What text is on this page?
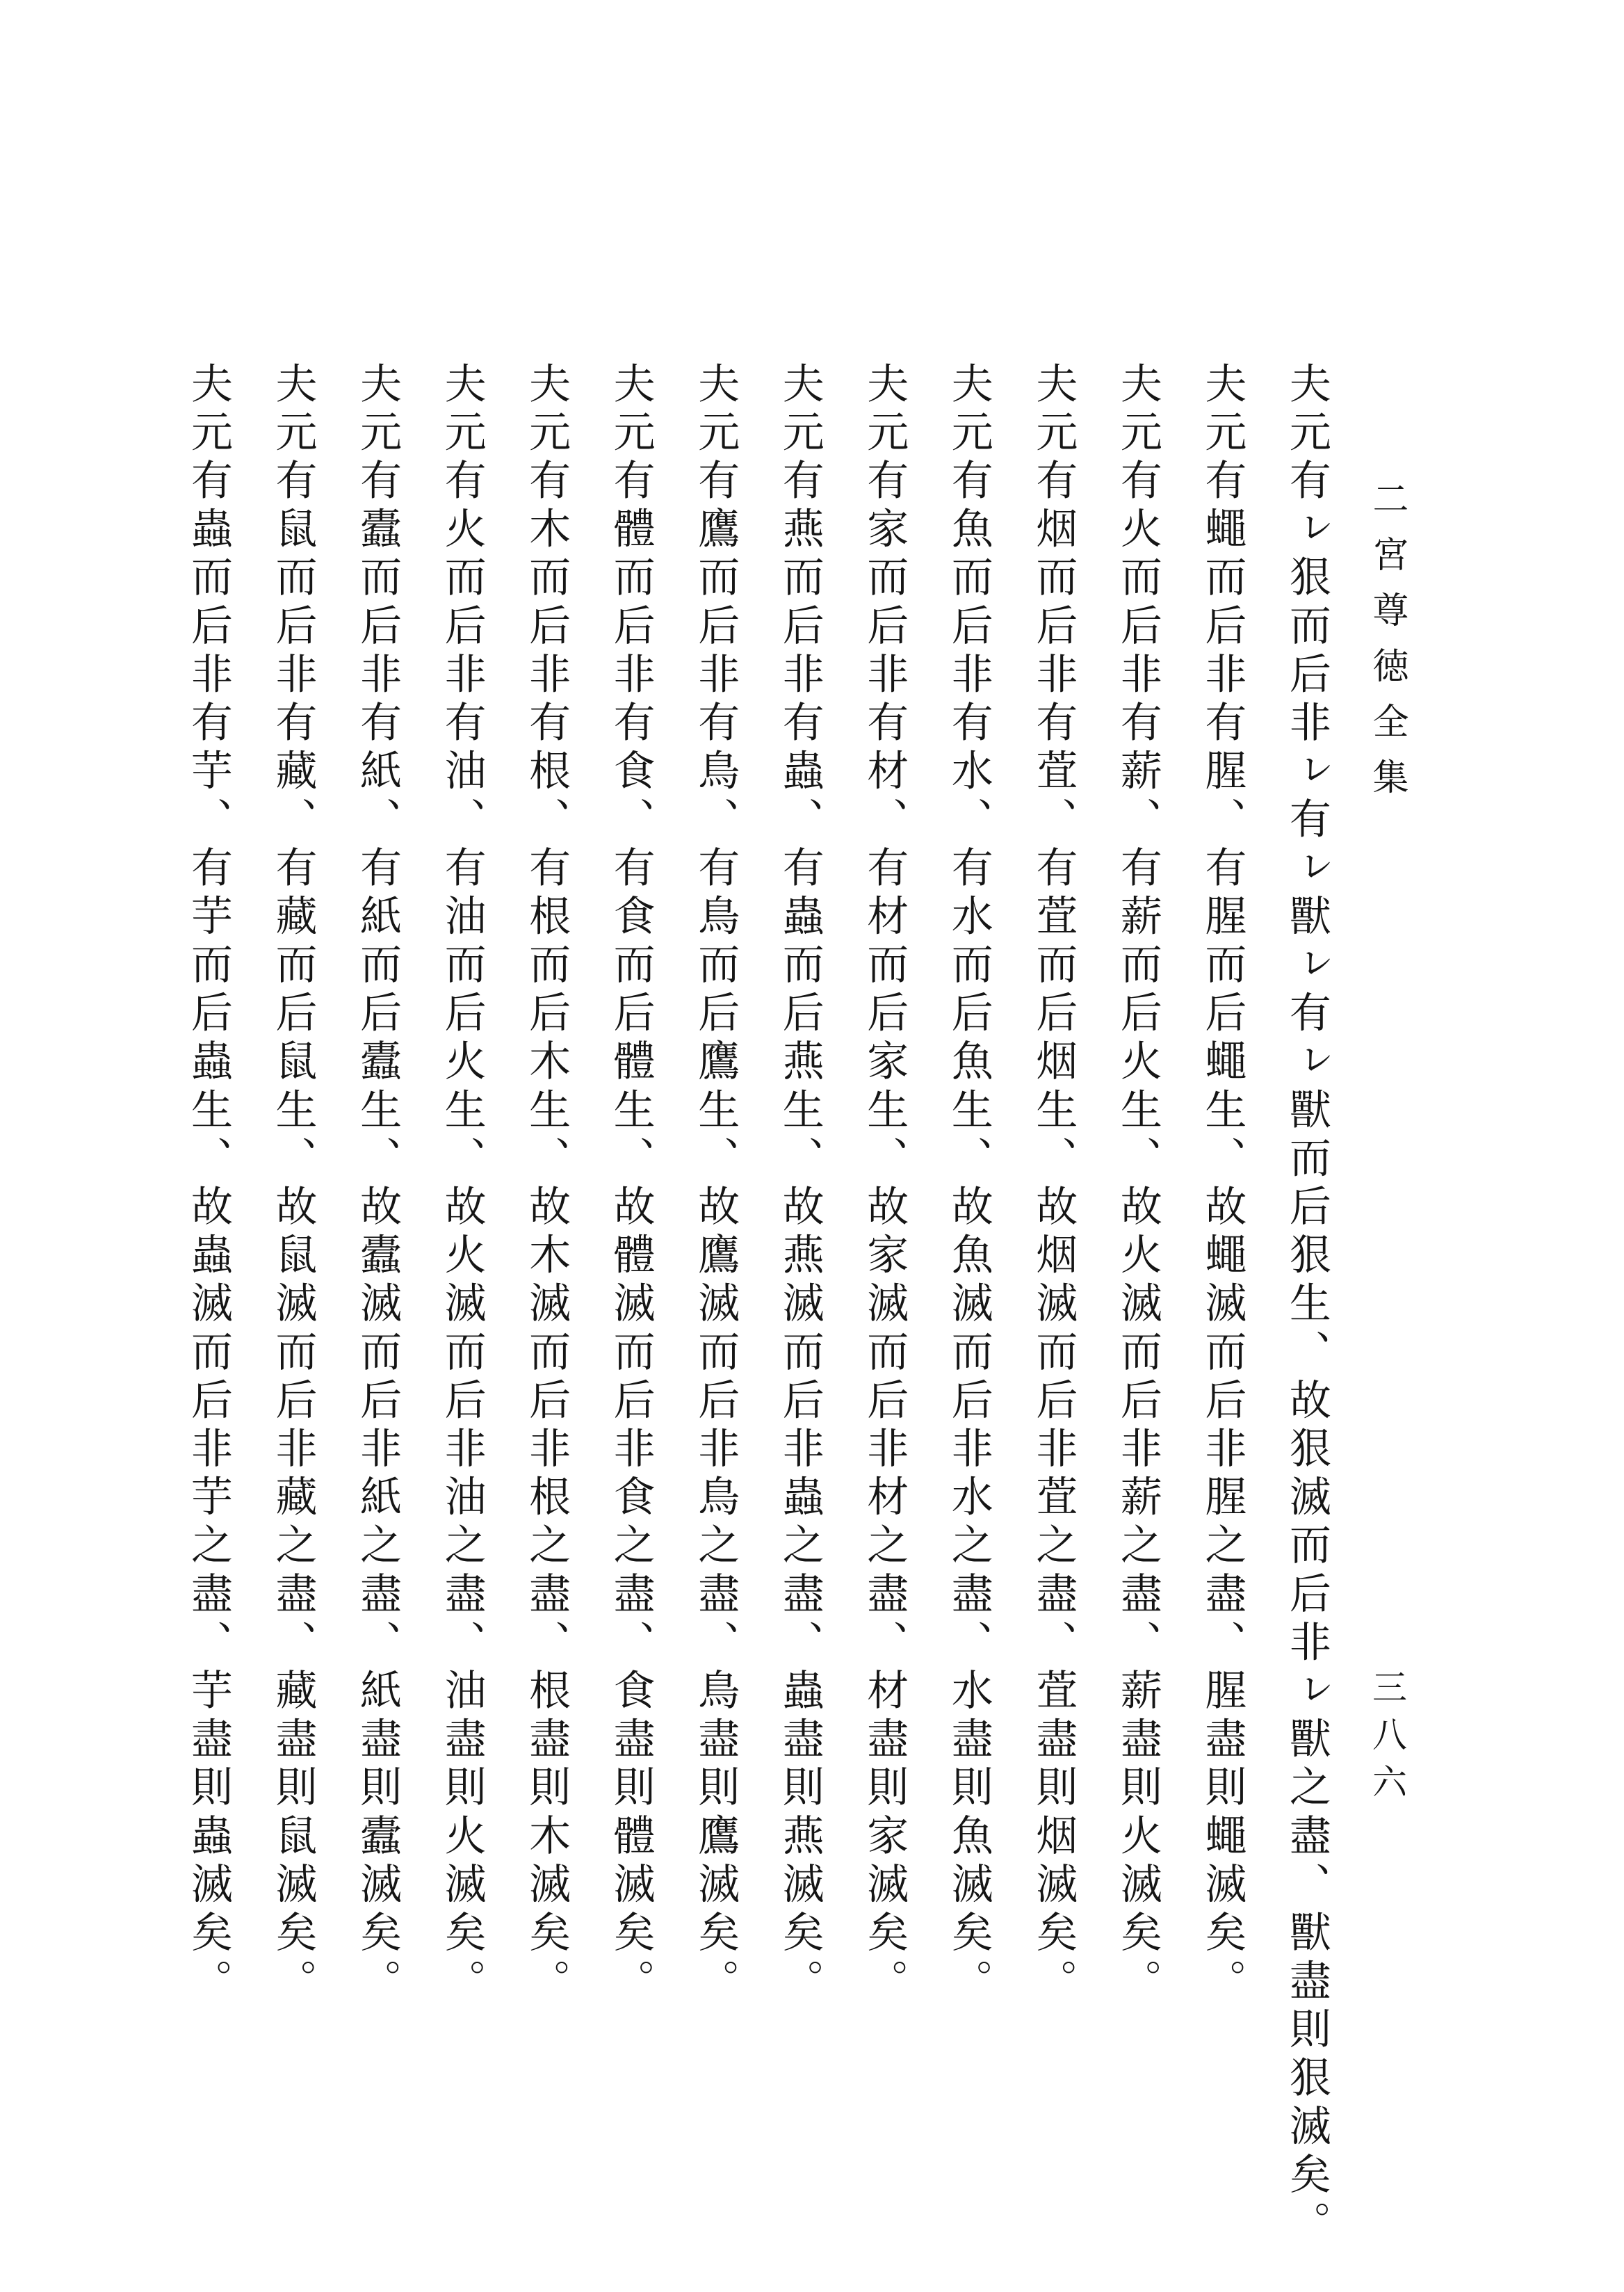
二宮尊徳全集
三八六
夫元有ㇾ狠而后非ㇾ有ㇾ獸ㇾ有ㇾ獸而后狠生、故狠滅而后非ㇾ獸之盡、獸盡則狠滅矣。
夫元有蠅而后非有腥、有腥而后蠅生、故蠅滅而后非腥之盡、腥盡則蠅滅矣。
夫元有火而后非有薪、有薪而后火生、故火滅而后非薪之盡、薪盡則火滅矣。
夫元有烟而后非有萓、有萓而后烟生、故烟滅而后非萓之盡、萓盡則烟滅矣。
夫元有魚而后非有水、有水而后魚生、故魚滅而后非水之盡、水盡則魚滅矣。
夫元有家而后非有材、有材而后家生、故家滅而后非材之盡、材盡則家滅矣。
夫元有燕而后非有蟲、有蟲而后燕生、故燕滅而后非蟲之盡、蟲盡則燕滅矣。
夫元有鷹而后非有鳥、有鳥而后鷹生、故鷹滅而后非鳥之盡、鳥盡則鷹滅矣。
夫元有體而后非有食、有食而后體生、故體滅而后非食之盡、食盡則體滅矣。
夫元有木而后非有根、有根而后木生、故木滅而后非根之盡、根盡則木滅矣。
夫元有火而后非有油、有油而后火生、故火滅而后非油之盡、油盡則火滅矣。
夫元有蠹而后非有紙、有紙而后蠹生、故蠹滅而后非紙之盡、紙盡則蠹滅矣。
夫元有鼠而后非有藏、有藏而后鼠生、故鼠滅而后非藏之盡、藏盡則鼠滅矣。
夫元有蟲而后非有芋、有芋而后蟲生、故蟲滅而后非芋之盡、芋盡則蟲滅矣。
